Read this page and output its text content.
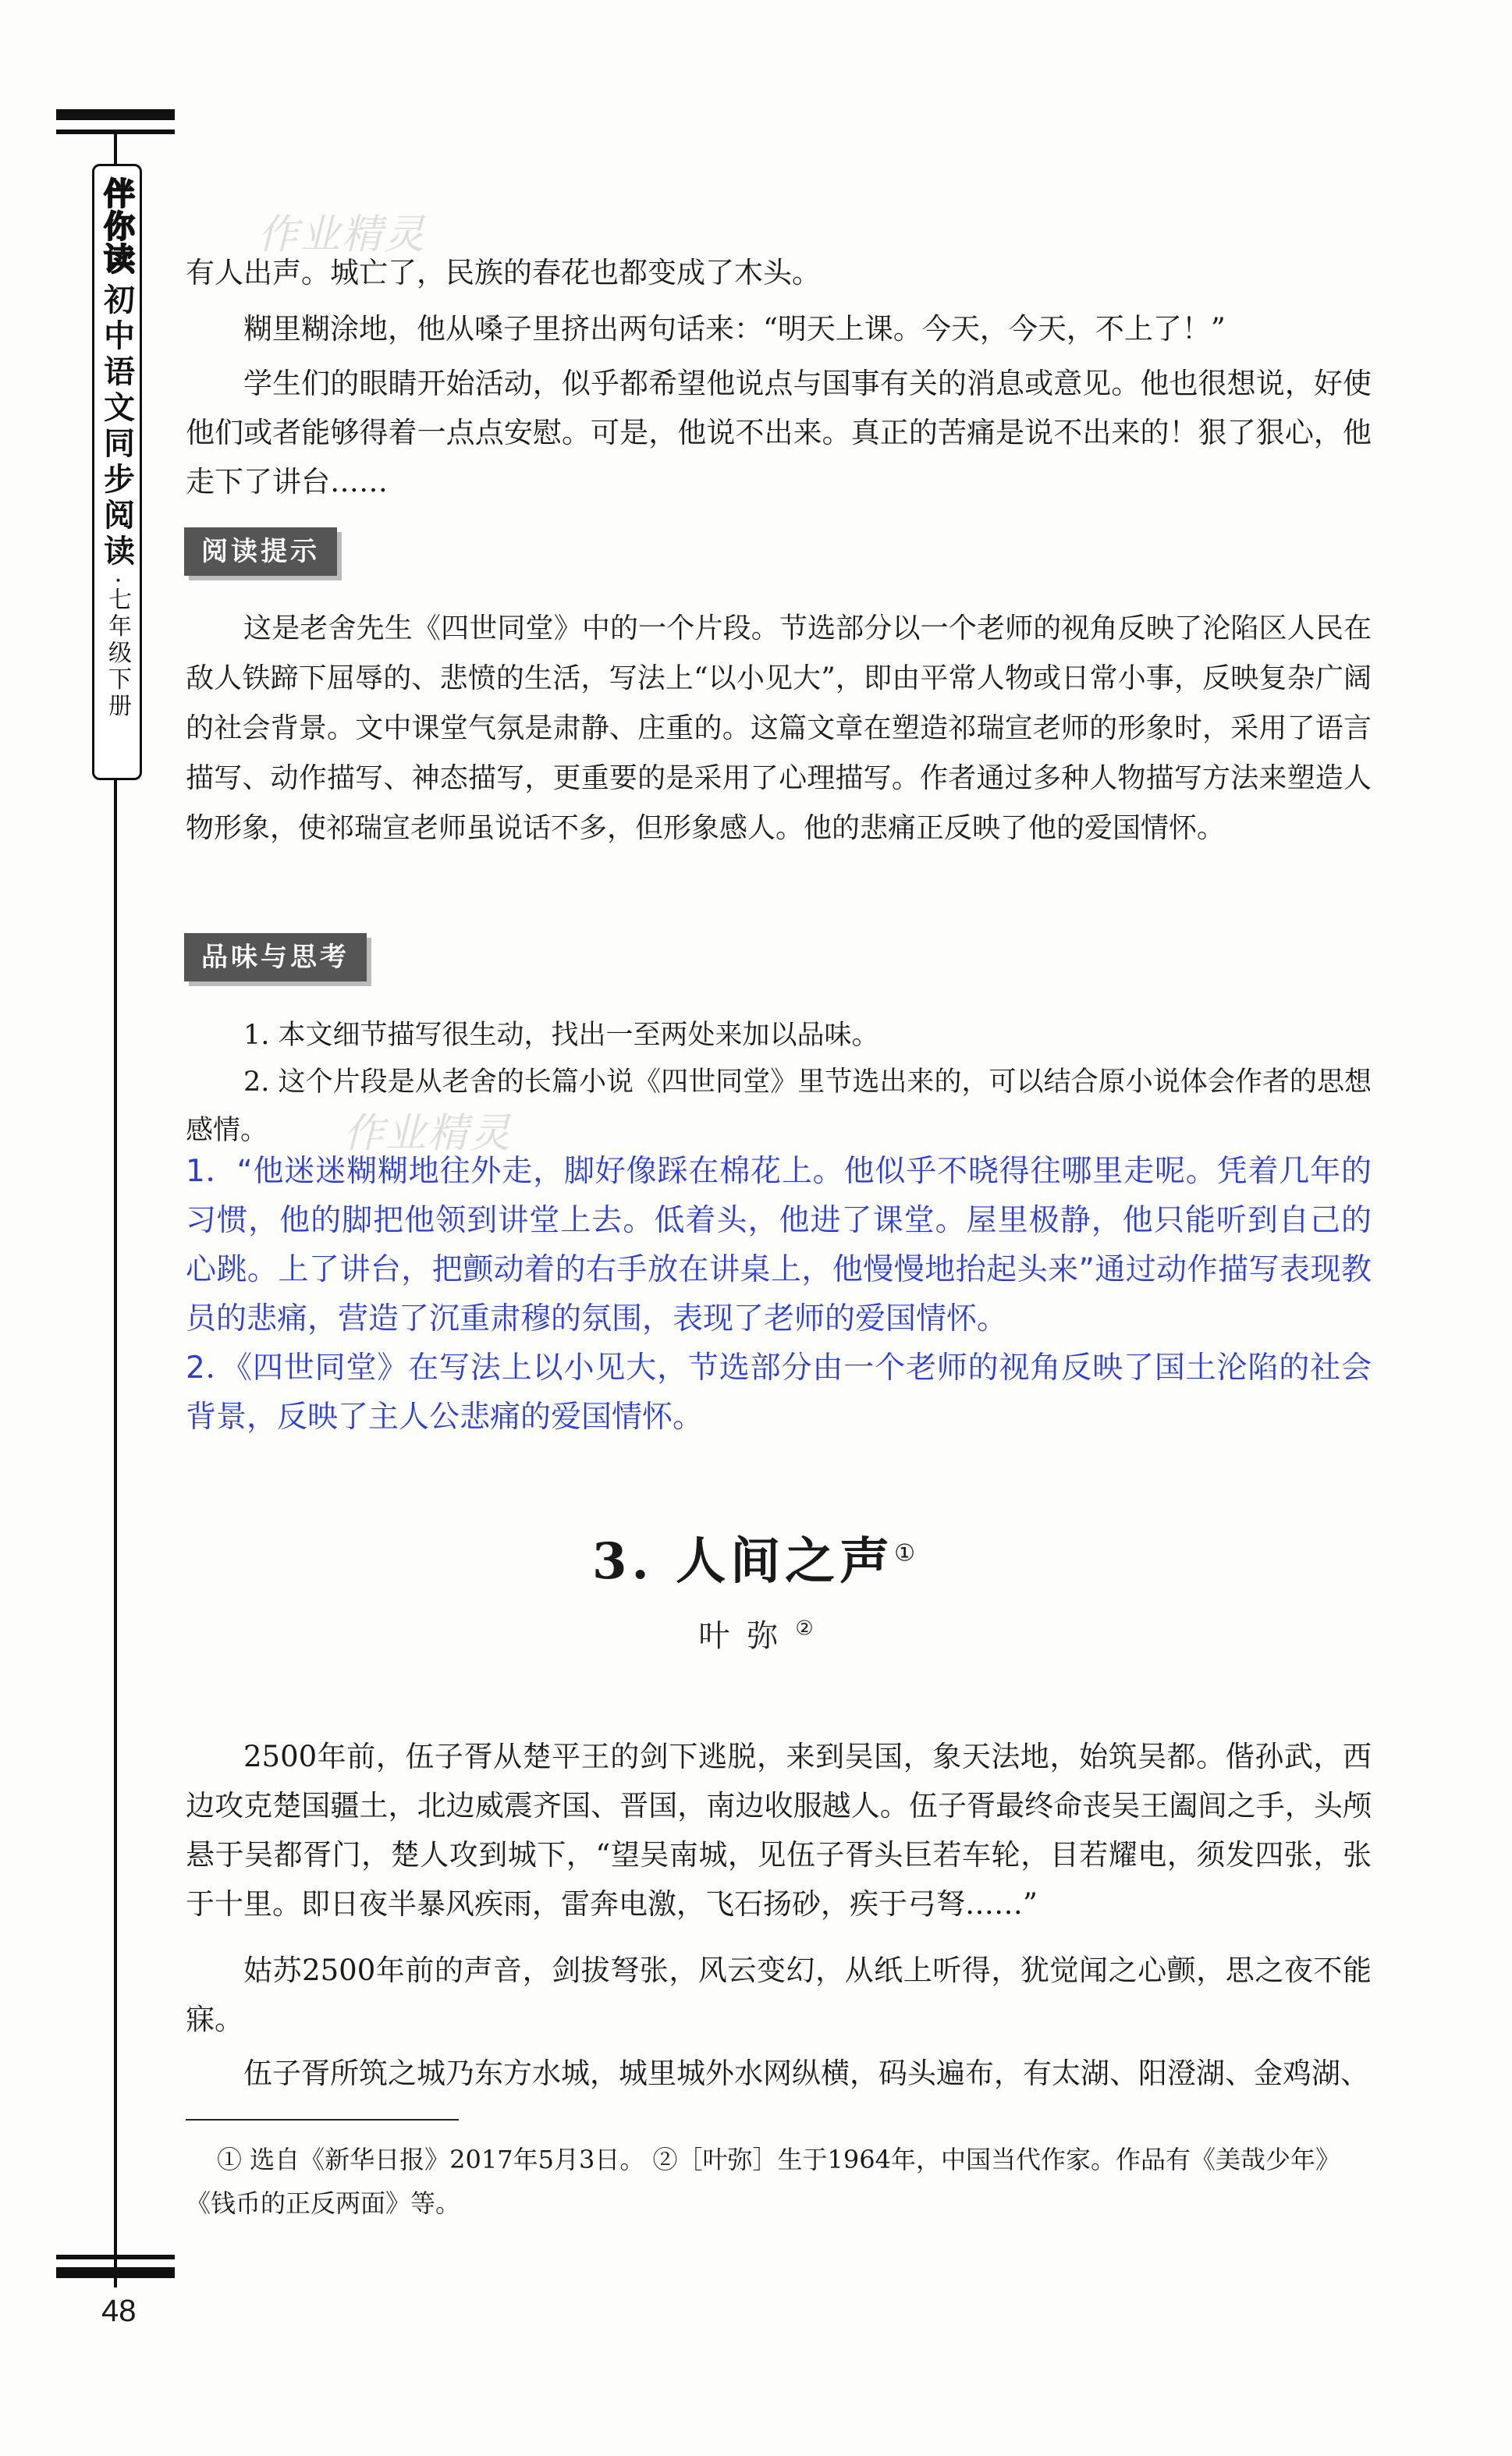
伴你读
初中语文同步阅读
·七年级下册
作业精灵
作业精灵

有人出声。城亡了，民族的春花也都变成了木头。

糊里糊涂地，他从嗓子里挤出两句话来：“明天上课。今天，今天，不上了！”

学生们的眼睛开始活动，似乎都希望他说点与国事有关的消息或意见。他也很想说，好使他们或者能够得着一点点安慰。可是，他说不出来。真正的苦痛是说不出来的！狠了狠心，他走下了讲台……

阅读提示

这是老舍先生《四世同堂》中的一个片段。节选部分以一个老师的视角反映了沦陷区人民在敌人铁蹄下屈辱的、悲愤的生活，写法上“以小见大”，即由平常人物或日常小事，反映复杂广阔的社会背景。文中课堂气氛是肃静、庄重的。这篇文章在塑造祁瑞宣老师的形象时，采用了语言描写、动作描写、神态描写，更重要的是采用了心理描写。作者通过多种人物描写方法来塑造人物形象，使祁瑞宣老师虽说话不多，但形象感人。他的悲痛正反映了他的爱国情怀。

品味与思考

1. 本文细节描写很生动，找出一至两处来加以品味。

2. 这个片段是从老舍的长篇小说《四世同堂》里节选出来的，可以结合原小说体会作者的思想感情。

1．“他迷迷糊糊地往外走，脚好像踩在棉花上。他似乎不晓得往哪里走呢。凭着几年的习惯，他的脚把他领到讲堂上去。低着头，他进了课堂。屋里极静，他只能听到自己的心跳。上了讲台，把颤动着的右手放在讲桌上，他慢慢地抬起头来”通过动作描写表现教员的悲痛，营造了沉重肃穆的氛围，表现了老师的爱国情怀。

2．《四世同堂》在写法上以小见大，节选部分由一个老师的视角反映了国土沦陷的社会背景，反映了主人公悲痛的爱国情怀。

3. 人间之声①
叶弥②

2500年前，伍子胥从楚平王的剑下逃脱，来到吴国，象天法地，始筑吴都。偕孙武，西边攻克楚国疆土，北边威震齐国、晋国，南边收服越人。伍子胥最终命丧吴王阖闾之手，头颅悬于吴都胥门，楚人攻到城下，“望吴南城，见伍子胥头巨若车轮，目若耀电，须发四张，张于十里。即日夜半暴风疾雨，雷奔电激，飞石扬砂，疾于弓弩……”

姑苏2500年前的声音，剑拔弩张，风云变幻，从纸上听得，犹觉闻之心颤，思之夜不能寐。

伍子胥所筑之城乃东方水城，城里城外水网纵横，码头遍布，有太湖、阳澄湖、金鸡湖、

① 选自《新华日报》2017年5月3日。 ②［叶弥］生于1964年，中国当代作家。作品有《美哉少年》《钱币的正反两面》等。

48
